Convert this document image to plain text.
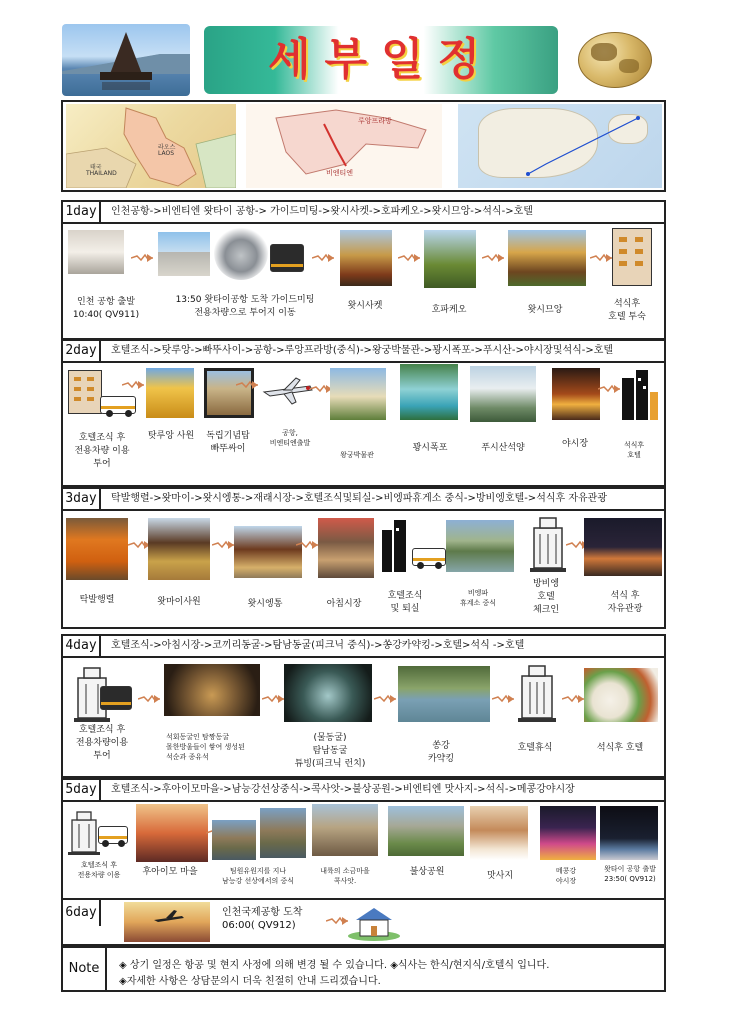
세부일정
LAOS
THAILAND
라오스
태국
루앙프라방
비엔티엔
1day	인천공항->비엔티엔 왓타이 공항-> 가이드미팅->왓시사켓->호파케오->왓시므앙->석식->호텔
인천 공항 출발
10:40( QV911)
13:50 왓타이공항 도착 가이드미팅
전용차량으로 투어지 이동
왓시사켓	호파케오	왓시므앙
석식후
호텔 투숙
2day	호텔조식->탓루앙->빠뚜사이->공항->루앙프라방(중식)->왕궁박물관->꽝시폭포->푸시산->야시장및석식->호텔
호텔조식 후
전용차량 이용
투어
탓루앙 사원	독립기념탑
빠뚜싸이
공항,
비엔티엔출발
왕궁박물관
꽝시폭포	푸시산석양	야시장	석식후
호텔
3day	탁발행렬->왓마이->왓시엥통->재래시장->호텔조식및퇴실->비엥파휴게소 중식->방비엥호텔->석식후 자유관광
탁발행렬	왓마이사원	왓시엥통	아침시장
호텔조식
및 퇴실
비엥파
휴계소 중식
방비엥
호텔
체크인
석식 후
자유관광
4day	호텔조식->아침시장->코끼리동굴->탐남동굴(피크닉 중식)->쏭강카약킹->호텔>석식 ->호텔
호텔조식 후
전용차량이용
투어
석회동굴인 탐짱동굴
몰한방울들이 쌓여 생성된
석순과 종유석
(물동굴)
탐남동굴
튜빙(피크닉 런치)
쏭강
카약킹
호텔휴식	석식후 호텔
5day	호텔조식->후아이모마을->남능강선상중식->콕사앗->불상공원->비엔티엔 맛사지->석식->메콩강야시장
호텔조식 후
전용차량 이용	후아이모 마을	팀원유원지를 지나
남능강 선상에서의 중식
내륙의 소금마을
콕사앗.
불상공원	맛사지	메콩강
야시장
왓타이 공항 출발
23:50( QV912)
6day	인천국제공항 도착
06:00( QV912)
Note	◈ 상기 일정은 항공 및 현지 사정에 의해 변경 될 수 있습니다. ◈식사는 한식/현지식/호텔식 입니다.
◈자세한 사항은 상담문의시 더욱 친절히 안내 드리겠습니다.
